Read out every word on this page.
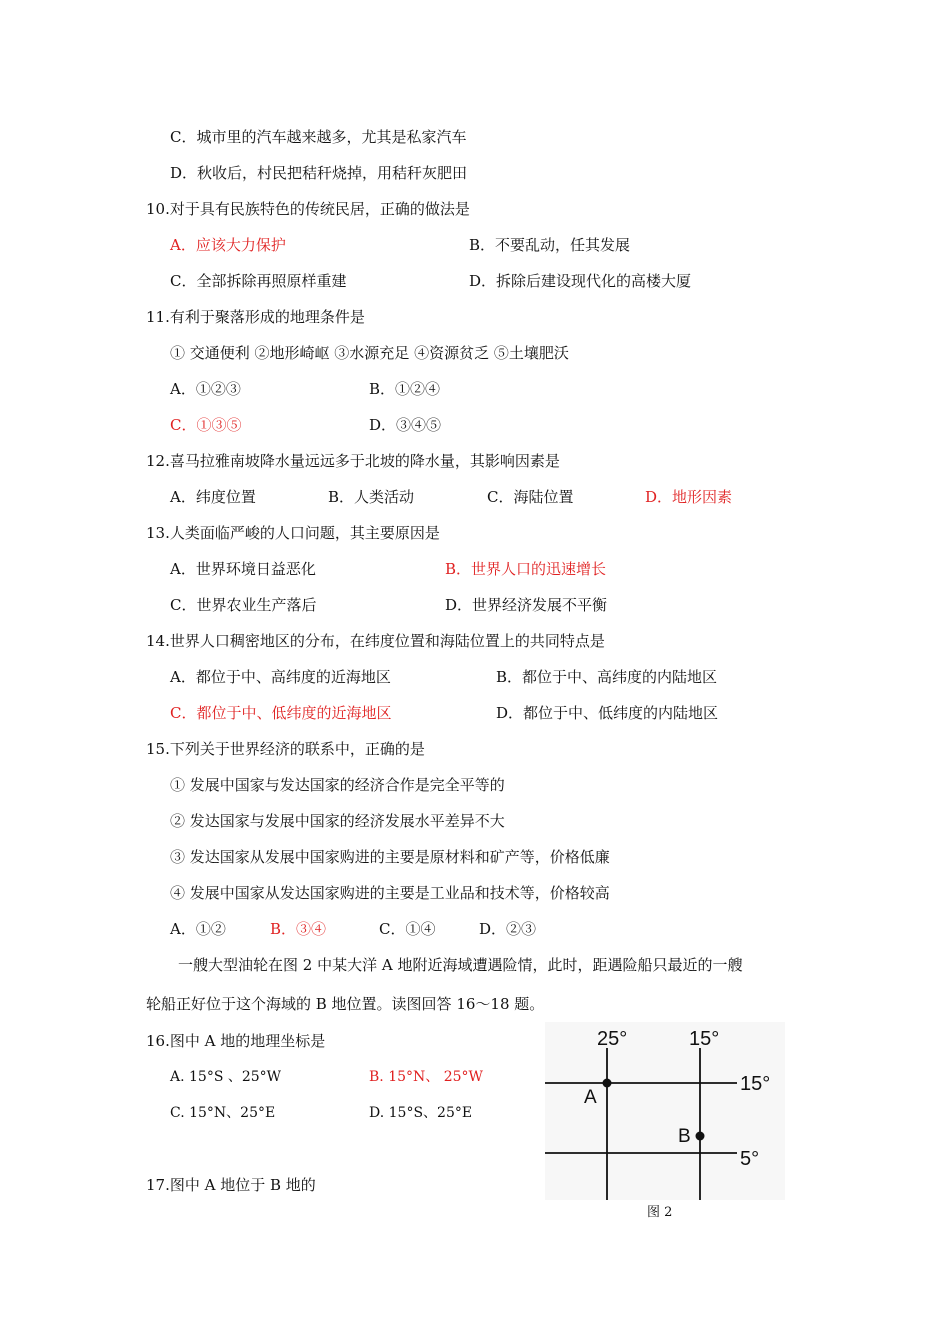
C．城市里的汽车越来越多，尤其是私家汽车
D．秋收后，村民把秸秆烧掉，用秸秆灰肥田
10.对于具有民族特色的传统民居，正确的做法是
A．应该大力保护	B．不要乱动，任其发展
C．全部拆除再照原样重建	D．拆除后建设现代化的高楼大厦
11.有利于聚落形成的地理条件是
① 交通便利 ②地形崎岖 ③水源充足 ④资源贫乏 ⑤土壤肥沃
A．①②③	B．①②④
C．①③⑤	D．③④⑤
12.喜马拉雅南坡降水量远远多于北坡的降水量，其影响因素是
A．纬度位置	B．人类活动	C．海陆位置	D．地形因素
13.人类面临严峻的人口问题，其主要原因是
A．世界环境日益恶化	B．世界人口的迅速增长
C．世界农业生产落后	D．世界经济发展不平衡
14.世界人口稠密地区的分布，在纬度位置和海陆位置上的共同特点是
A．都位于中、高纬度的近海地区	B．都位于中、高纬度的内陆地区
C．都位于中、低纬度的近海地区	D．都位于中、低纬度的内陆地区
15.下列关于世界经济的联系中，正确的是
① 发展中国家与发达国家的经济合作是完全平等的
② 发达国家与发展中国家的经济发展水平差异不大
③ 发达国家从发展中国家购进的主要是原材料和矿产等，价格低廉
④ 发展中国家从发达国家购进的主要是工业品和技术等，价格较高
A．①②	B．③④	C．①④	D．②③
一艘大型油轮在图 2 中某大洋 A 地附近海域遭遇险情，此时，距遇险船只最近的一艘
轮船正好位于这个海域的 B 地位置。读图回答 16～18 题。
16.图中 A 地的地理坐标是
A. 15°S 、25°W	B. 15°N、 25°W
C. 15°N、25°E	D. 15°S、25°E
17.图中 A 地位于 B 地的
25°	15°
15°
5°
A
B
图 2
